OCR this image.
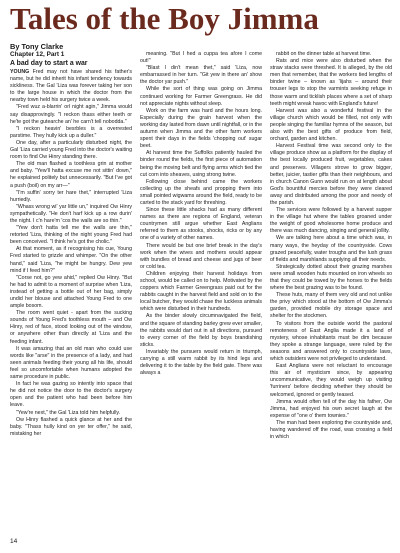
Tales of the Boy Jimma
By Tony Clarke
Chapter 12, Part 1
A bad day to start a war

YOUNG Fred may not have shared his father's name, but he did inherit his infant tendency towards sickliness. The Gal 'Liza was forever taking her son to the large house in which the doctor from the nearby town held his surgery twice a week.

"Fred wuz a-blarrin' orl night agin," Jimma would say disapprovingly. "I reckon thass either teeth or he'te got the gutearche an' he carn't tell nobodda."

"I reckon heavin' besrbles is a overrested parstime. They hully kick up a duller."

One day, after a particularly disturbed night, the Gal 'Liza carried young Fred into the doctor's waiting room to find Ow Hinry standing there.

The old man flashed a toothless grin at mother and baby. "Yew'll hatta excuse me not sittin' down," he explained politely but unnecessarily. "But I've got a push (boil) on my arr—"

"I'm suffin' sorry ter hare thet," interrupted 'Liza hurriedly.

"Whass wrong wi' yar little un," inquired Ow Hinry sympathetically. "He don't harf kick up a row durin' the night. I c'n hare'm 'cos the walls are so thin."

"Yew don't hatta tell me the walls are thin," retorted 'Liza, thinking of the night young Fred had been conceived. "I think he's got the cholic."

At that moment, as if recognising his cue, Young Fred started to grizzle and whimper. "On the other hand," said 'Liza, "he might be hungry. Dew yew mind if I feed him?"

"Corse not, go yew ahid," replied Ow Hinry. "But he had to admit to a moment of surprise when 'Liza, instead of getting a bottle out of her bag, simply undid her blouse and attached Young Fred to one ample bosom.

The room went quiet - apart from the sucking sounds of Young Fred's toothless mouth – and Ow Hinry, red of face, stood looking out of the window, or anywhere other than directly at 'Liza and the feeding infant.

It was amazing that an old man who could use words like "arse" in the presence of a lady, and had seen animals feeding their young all his life, should feel so uncomfortable when humans adopted the same procedure in public.

In fact he was gazing so intently into space that he did not notice the door to the doctor's surgery open and the patient who had been before him leave.

"Yew're next," the Gal 'Liza told him helpfully.

Ow Hinry flashed a quick glance at her and the baby. "Thass hully kind on yer ter offer," he said, mistaking her

meaning. "But I hed a cuppa tea afore I come out!"

"Blast I din't mean thet," said 'Liza, now embarrassed in her turn. "Git yew in there an' show the doctor yar push."

While the sort of thing was going on Jimma continued working for Farmer Greengrass. He did not appreciate nights without sleep.

Work on the farm was hard and the hours long. Especially during the grain harvest when the working day lasted from dawn until nightfall, or in the autumn when Jimma and the other farm workers spent their days in the fields 'chopping out' sugar beet.

At harvest time the Suffolks patiently hauled the binder round the fields, the first piece of automation being the moving belt and flying arms which tied the cut corn into sheaves, using strong twine.

Following close behind came the workers collecting up the sheafs and propping them into small pointed wigwams around the field, ready to be carted to the stack yard for threshing.

Since these little shacks had as many different names as there are regions of England, veteran countrymen still argue whether East Anglians referred to them as stooks, shocks, ricks or by any one of a variety of other names.

There would be but one brief break in the day's work when the wives and mothers would appear with bundles of bread and cheese and jugs of beer or cold tea.

Children enjoying their harvest holidays from school, would be called on to help. Motivated by the coppers which Farmer Greengrass paid out for the rabbits caught in the harvest field and sold on to the local butcher, they would chase the luckless animals which were disturbed in their hundreds.

As the binder slowly circumnavigated the field, and the square of standing barley grew ever smaller, the rabbits would dart out in all directions, pursued to every corner of the field by boys brandishing sticks.

Invariably the pursuers would return in triumph, carrying a still warm rabbit by its hind legs and delivering it to the table by the field gate. There was always a

rabbit on the dinner table at harvest time.

Rats and mice were also disturbed when the straw stacks were threshed. It is alleged, by the old men that remember, that the workers tied lengths of binder twine – known as 'lijahs – around their trouser legs to stop the varmints seeking refuge in those warm and ticklish places where a set of sharp teeth might wreak havoc with England's future!

Harvest was also a wonderful festival in the village church which would be filled, not only with people singing the familiar hymns of the season, but also with the best gifts of produce from field, orchard, garden and kitchen.

Harvest Festival time was second only to the village produce show as a platform for the display of the best locally produced fruit, vegetables, cakes and preserves. Villagers strove to grow bigger, better, juicier, tastier gifts than their neighbours, and in church Canon Gunn would run on at length about God's bountiful mercies before they were cleared away and distributed among the poor and needy of the parish.

The services were followed by a harvest supper in the village hut where the tables groaned under the weight of good wholesome home produce and there was much dancing, singing and general jollity.

We are talking here about a time which was, in many ways, the heyday of the countryside. Cows grazed peacefully, water troughs and the lush grass of fields and marshlands supplying all their needs.

Strategically dotted about their grazing marshes were small wooden huts mounted on iron wheels so that they could be towed by the horses to the fields where the best grazing was to be found.

These huts, many of them very old and not unlike the privy which stood at the bottom of Ow Jimma's garden, provided mobile dry storage space and shelter for the stockmen.

To visitors from the outside world the pastoral remoteness of East Anglia made it a land of mystery, whose inhabitants must be dim because they spoke a strange language, were ruled by the seasons and answered only to countryside laws, which outsiders were not privileged to understand.

East Anglians were not reluctant to encourage this air of mysticism since, by appearing uncommunicative, they would weigh up visiting 'furriners' before deciding whether they should be welcomed, ignored or gently teased.

Jimma would often tell of the day his father, Ow Jimma, had enjoyed his own secret laugh at the expense of "one o' them townies."

The man had been exploring the countryside and, having wandered off the road, was crossing a field in which

14
